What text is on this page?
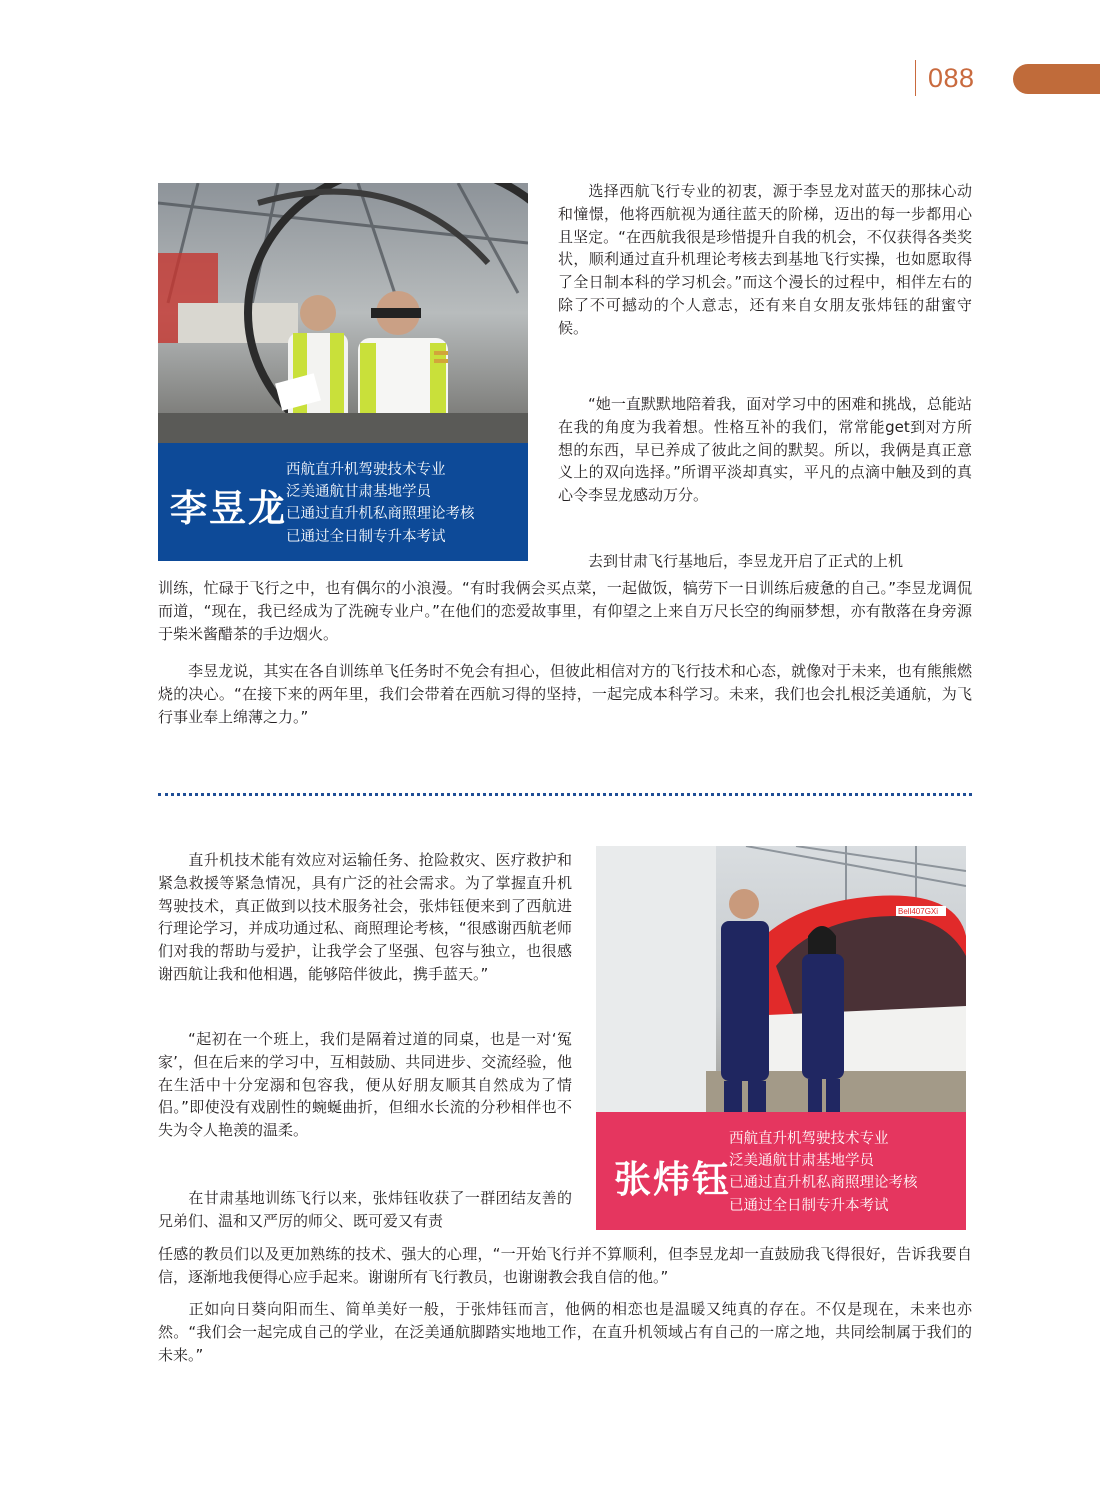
088
李昱龙
西航直升机驾驶技术专业
泛美通航甘肃基地学员
已通过直升机私商照理论考核
已通过全日制专升本考试

选择西航飞行专业的初衷，源于李昱龙对蓝天的那抹心动和憧憬，他将西航视为通往蓝天的阶梯，迈出的每一步都用心且坚定。“在西航我很是珍惜提升自我的机会，不仅获得各类奖状，顺利通过直升机理论考核去到基地飞行实操，也如愿取得了全日制本科的学习机会。”而这个漫长的过程中，相伴左右的除了不可撼动的个人意志，还有来自女朋友张炜钰的甜蜜守候。

“她一直默默地陪着我，面对学习中的困难和挑战，总能站在我的角度为我着想。性格互补的我们，常常能get到对方所想的东西，早已养成了彼此之间的默契。所以，我俩是真正意义上的双向选择。”所谓平淡却真实，平凡的点滴中触及到的真心令李昱龙感动万分。

去到甘肃飞行基地后，李昱龙开启了正式的上机

训练，忙碌于飞行之中，也有偶尔的小浪漫。“有时我俩会买点菜，一起做饭，犒劳下一日训练后疲惫的自己。”李昱龙调侃而道，“现在，我已经成为了洗碗专业户。”在他们的恋爱故事里，有仰望之上来自万尺长空的绚丽梦想，亦有散落在身旁源于柴米酱醋茶的手边烟火。

李昱龙说，其实在各自训练单飞任务时不免会有担心，但彼此相信对方的飞行技术和心态，就像对于未来，也有熊熊燃烧的决心。“在接下来的两年里，我们会带着在西航习得的坚持，一起完成本科学习。未来，我们也会扎根泛美通航，为飞行事业奉上绵薄之力。”

直升机技术能有效应对运输任务、抢险救灾、医疗救护和紧急救援等紧急情况，具有广泛的社会需求。为了掌握直升机驾驶技术，真正做到以技术服务社会，张炜钰便来到了西航进行理论学习，并成功通过私、商照理论考核，“很感谢西航老师们对我的帮助与爱护，让我学会了坚强、包容与独立，也很感谢西航让我和他相遇，能够陪伴彼此，携手蓝天。”

“起初在一个班上，我们是隔着过道的同桌，也是一对‘冤家’，但在后来的学习中，互相鼓励、共同进步、交流经验，他在生活中十分宠溺和包容我，便从好朋友顺其自然成为了情侣。”即使没有戏剧性的蜿蜒曲折，但细水长流的分秒相伴也不失为令人艳羡的温柔。

在甘肃基地训练飞行以来，张炜钰收获了一群团结友善的兄弟们、温和又严厉的师父、既可爱又有责

任感的教员们以及更加熟练的技术、强大的心理，“一开始飞行并不算顺利，但李昱龙却一直鼓励我飞得很好，告诉我要自信，逐渐地我便得心应手起来。谢谢所有飞行教员，也谢谢教会我自信的他。”

正如向日葵向阳而生、简单美好一般，于张炜钰而言，他俩的相恋也是温暖又纯真的存在。不仅是现在，未来也亦然。“我们会一起完成自己的学业，在泛美通航脚踏实地地工作，在直升机领域占有自己的一席之地，共同绘制属于我们的未来。”

Bell407GXi
张炜钰
西航直升机驾驶技术专业
泛美通航甘肃基地学员
已通过直升机私商照理论考核
已通过全日制专升本考试
